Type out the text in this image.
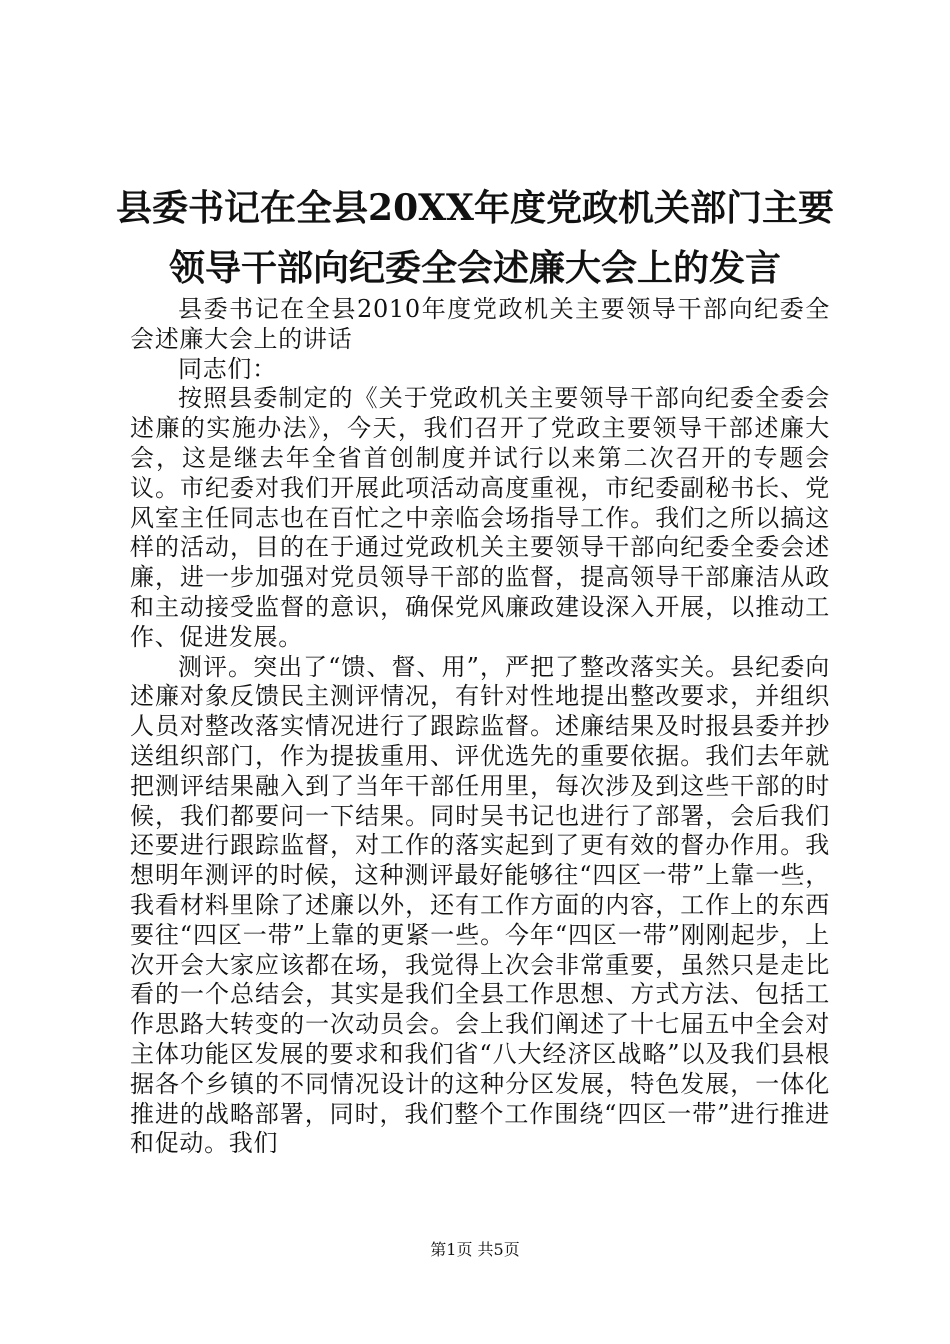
县委书记在全县20XX年度党政机关部门主要
领导干部向纪委全会述廉大会上的发言

县委书记在全县2010年度党政机关主要领导干部向纪委全会述廉大会上的讲话

同志们：

按照县委制定的《关于党政机关主要领导干部向纪委全委会述廉的实施办法》，今天，我们召开了党政主要领导干部述廉大会，这是继去年全省首创制度并试行以来第二次召开的专题会议。市纪委对我们开展此项活动高度重视，市纪委副秘书长、党风室主任同志也在百忙之中亲临会场指导工作。我们之所以搞这样的活动，目的在于通过党政机关主要领导干部向纪委全委会述廉，进一步加强对党员领导干部的监督，提高领导干部廉洁从政和主动接受监督的意识，确保党风廉政建设深入开展，以推动工作、促进发展。

测评。突出了“馈、督、用”，严把了整改落实关。县纪委向述廉对象反馈民主测评情况，有针对性地提出整改要求，并组织人员对整改落实情况进行了跟踪监督。述廉结果及时报县委并抄送组织部门，作为提拔重用、评优选先的重要依据。我们去年就把测评结果融入到了当年干部任用里，每次涉及到这些干部的时候，我们都要问一下结果。同时吴书记也进行了部署，会后我们还要进行跟踪监督，对工作的落实起到了更有效的督办作用。我想明年测评的时候，这种测评最好能够往“四区一带”上靠一些，我看材料里除了述廉以外，还有工作方面的内容，工作上的东西要往“四区一带”上靠的更紧一些。今年“四区一带”刚刚起步，上次开会大家应该都在场，我觉得上次会非常重要，虽然只是走比看的一个总结会，其实是我们全县工作思想、方式方法、包括工作思路大转变的一次动员会。会上我们阐述了十七届五中全会对主体功能区发展的要求和我们省“八大经济区战略”以及我们县根据各个乡镇的不同情况设计的这种分区发展，特色发展，一体化推进的战略部署，同时，我们整个工作围绕“四区一带”进行推进和促动。我们

第1页 共5页
